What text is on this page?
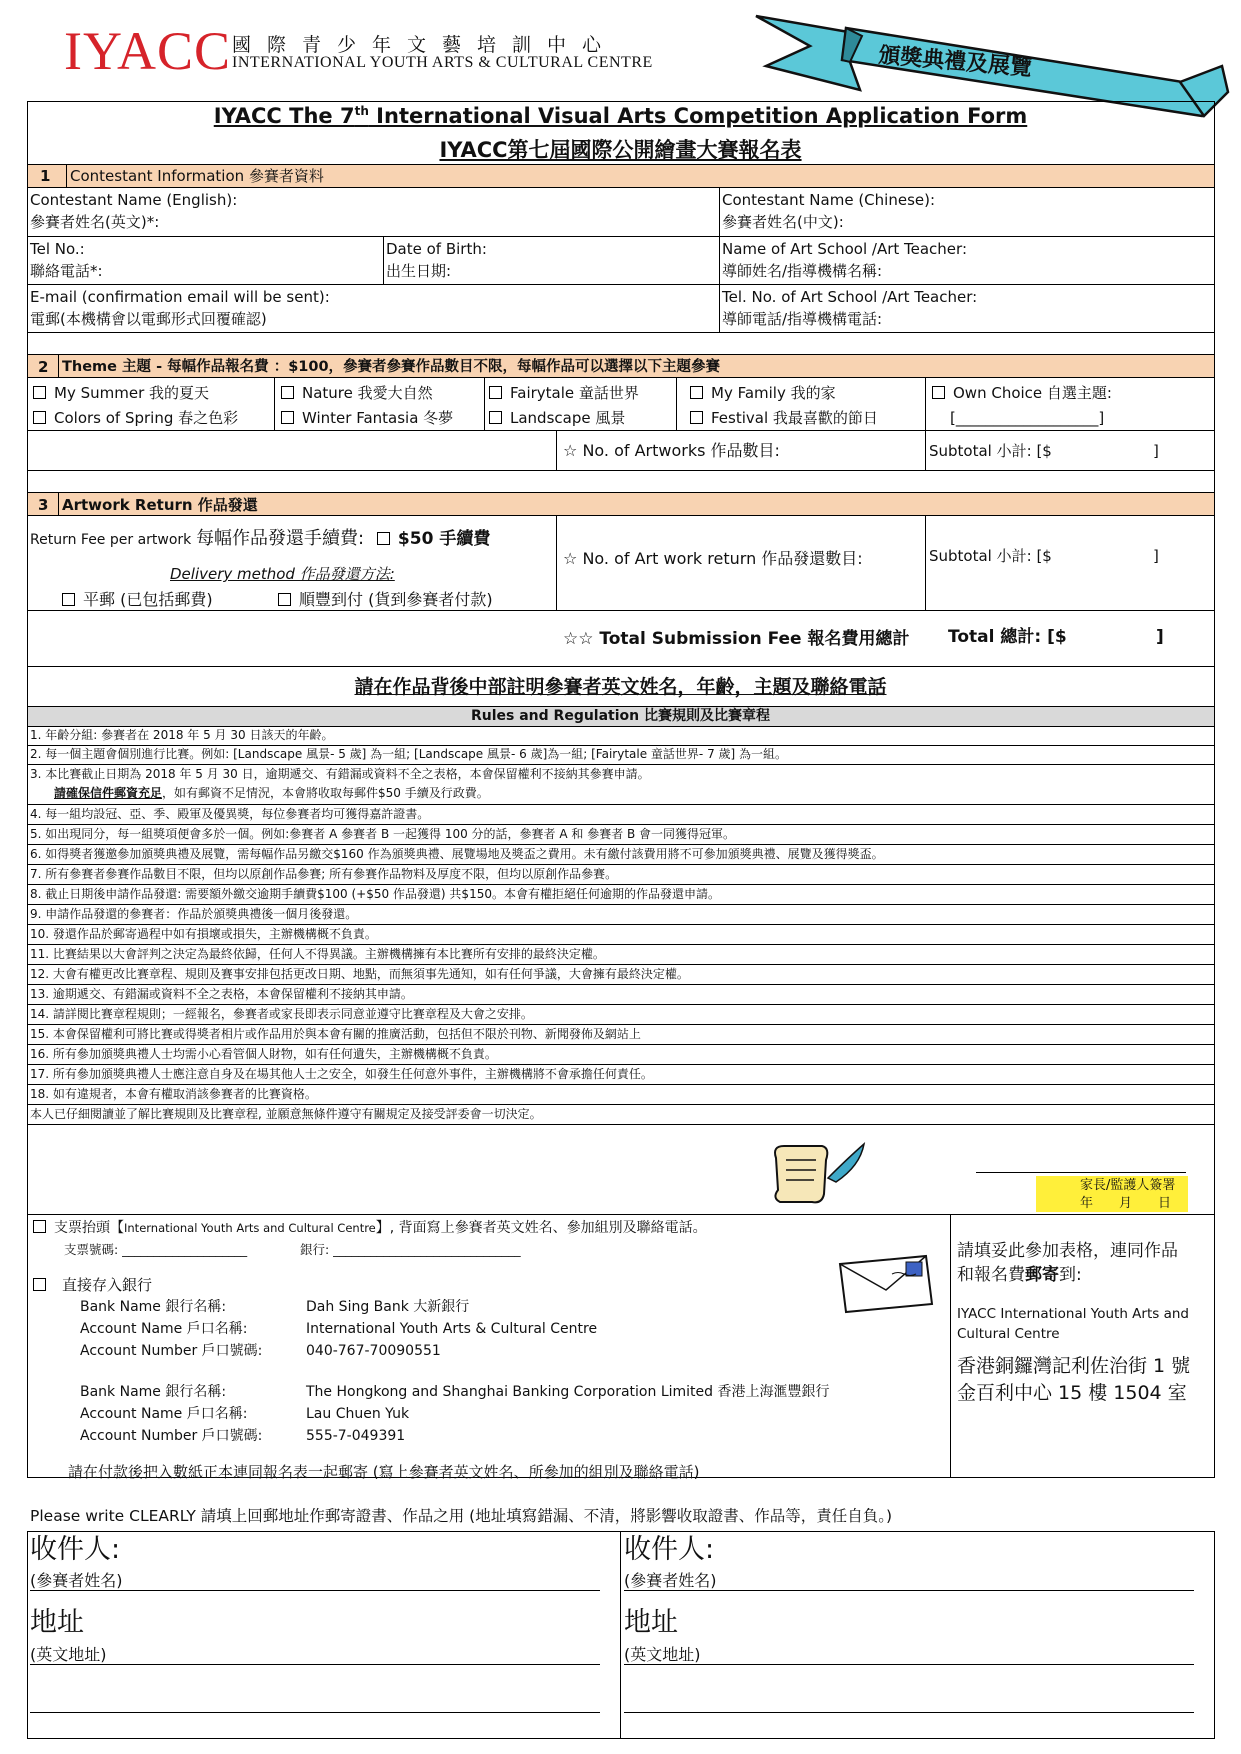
IYACC 國際青少年文藝培訓中心
INTERNATIONAL YOUTH ARTS & CULTURAL CENTRE	頒獎典禮及展覽
IYACC The 7th International Visual Arts Competition Application Form
IYACC第七屆國際公開繪畫大賽報名表
1 Contestant Information 參賽者資料
Contestant Name (English):
參賽者姓名(英文)*:
Contestant Name (Chinese):
參賽者姓名(中文):
Tel No.:
聯絡電話*:
Date of Birth:
出生日期:
Name of Art School /Art Teacher:
導師姓名/指導機構名稱:
E-mail (confirmation email will be sent):
電郵(本機構會以電郵形式回覆確認)
Tel. No. of Art School /Art Teacher:
導師電話/指導機構電話:
2 Theme 主題 - 每幅作品報名費 ：$100，參賽者參賽作品數目不限，每幅作品可以選擇以下主題參賽
My Summer 我的夏天
Colors of Spring 春之色彩
Nature 我愛大自然
Winter Fantasia 冬夢
Fairytale 童話世界
Landscape 風景
My Family 我的家
Festival 我最喜歡的節日
Own Choice 自選主題:
[___________________]
☆ No. of Artworks 作品數目:	Subtotal 小計: [$	]
3 Artwork Return 作品發還
Return Fee per artwork 每幅作品發還手續費: $50 手續費
Delivery method 作品發還方法:
平郵 (已包括郵費)	順豐到付 (貨到參賽者付款)
☆ No. of Art work return 作品發還數目:	Subtotal 小計: [$	]
☆☆ Total Submission Fee 報名費用總計 Total 總計: [$	]
請在作品背後中部註明參賽者英文姓名，年齡，主題及聯絡電話
Rules and Regulation 比賽規則及比賽章程
1. 年齡分組: 參賽者在 2018 年 5 月 30 日該天的年齡。
2. 每一個主題會個別進行比賽。例如: [Landscape 風景- 5 歲] 為一組; [Landscape 風景- 6 歲]為一組; [Fairytale 童話世界- 7 歲] 為一組。
3. 本比賽截止日期為 2018 年 5 月 30 日，逾期遞交、有錯漏或資料不全之表格，本會保留權利不接納其參賽申請。
請確保信件郵資充足，如有郵資不足情況，本會將收取每郵件$50 手續及行政費。
4. 每一組均設冠、亞、季、殿軍及優異獎，每位參賽者均可獲得嘉許證書。
5. 如出現同分，每一組獎項便會多於一個。例如:參賽者 A 參賽者 B 一起獲得 100 分的話，參賽者 A 和 參賽者 B 會一同獲得冠軍。
6. 如得獎者獲邀參加頒獎典禮及展覽，需每幅作品另繳交$160 作為頒獎典禮、展覽場地及獎盃之費用。未有繳付該費用將不可參加頒獎典禮、展覽及獲得獎盃。
7. 所有參賽者參賽作品數目不限，但均以原創作品參賽; 所有參賽作品物料及厚度不限，但均以原創作品參賽。
8. 截止日期後申請作品發還: 需要額外繳交逾期手續費$100 (+$50 作品發還) 共$150。本會有權拒絕任何逾期的作品發還申請。
9. 申請作品發還的參賽者：作品於頒獎典禮後一個月後發還。
10. 發還作品於郵寄過程中如有損壞或損失，主辦機構概不負責。
11. 比賽結果以大會評判之決定為最終依歸，任何人不得異議。主辦機構擁有本比賽所有安排的最終決定權。
12. 大會有權更改比賽章程、規則及賽事安排包括更改日期、地點，而無須事先通知，如有任何爭議，大會擁有最終決定權。
13. 逾期遞交、有錯漏或資料不全之表格，本會保留權利不接納其申請。
14. 請詳閱比賽章程規則；一經報名，參賽者或家長即表示同意並遵守比賽章程及大會之安排。
15. 本會保留權利可將比賽或得獎者相片或作品用於與本會有關的推廣活動，包括但不限於刊物、新聞發佈及網站上
16. 所有參加頒獎典禮人士均需小心看管個人財物，如有任何遺失，主辦機構概不負責。
17. 所有參加頒獎典禮人士應注意自身及在場其他人士之安全，如發生任何意外事件，主辦機構將不會承擔任何責任。
18. 如有違規者，本會有權取消該參賽者的比賽資格。
本人已仔細閱讀並了解比賽規則及比賽章程, 並願意無條件遵守有關規定及接受評委會一切決定。
家長/監護人簽署
年　　月　　日
支票抬頭【International Youth Arts and Cultural Centre】, 背面寫上參賽者英文姓名、參加組別及聯絡電話。
支票號碼: ____________________	銀行: ______________________________
直接存入銀行
Bank Name 銀行名稱:	Dah Sing Bank 大新銀行
Account Name 戶口名稱:	International Youth Arts & Cultural Centre
Account Number 戶口號碼:	040-767-70090551
Bank Name 銀行名稱:	The Hongkong and Shanghai Banking Corporation Limited 香港上海滙豐銀行
Account Name 戶口名稱:	Lau Chuen Yuk
Account Number 戶口號碼:	555-7-049391
請在付款後把入數紙正本連同報名表一起郵寄 (寫上參賽者英文姓名、所參加的組別及聯絡電話)
請填妥此參加表格，連同作品
和報名費郵寄到:
IYACC International Youth Arts and
Cultural Centre
香港銅鑼灣記利佐治街 1 號
金百利中心 15 樓 1504 室
Please write CLEARLY 請填上回郵地址作郵寄證書、作品之用 (地址填寫錯漏、不清，將影響收取證書、作品等，責任自負。)
收件人:
(參賽者姓名)
地址
(英文地址)
收件人:
(參賽者姓名)
地址
(英文地址)
